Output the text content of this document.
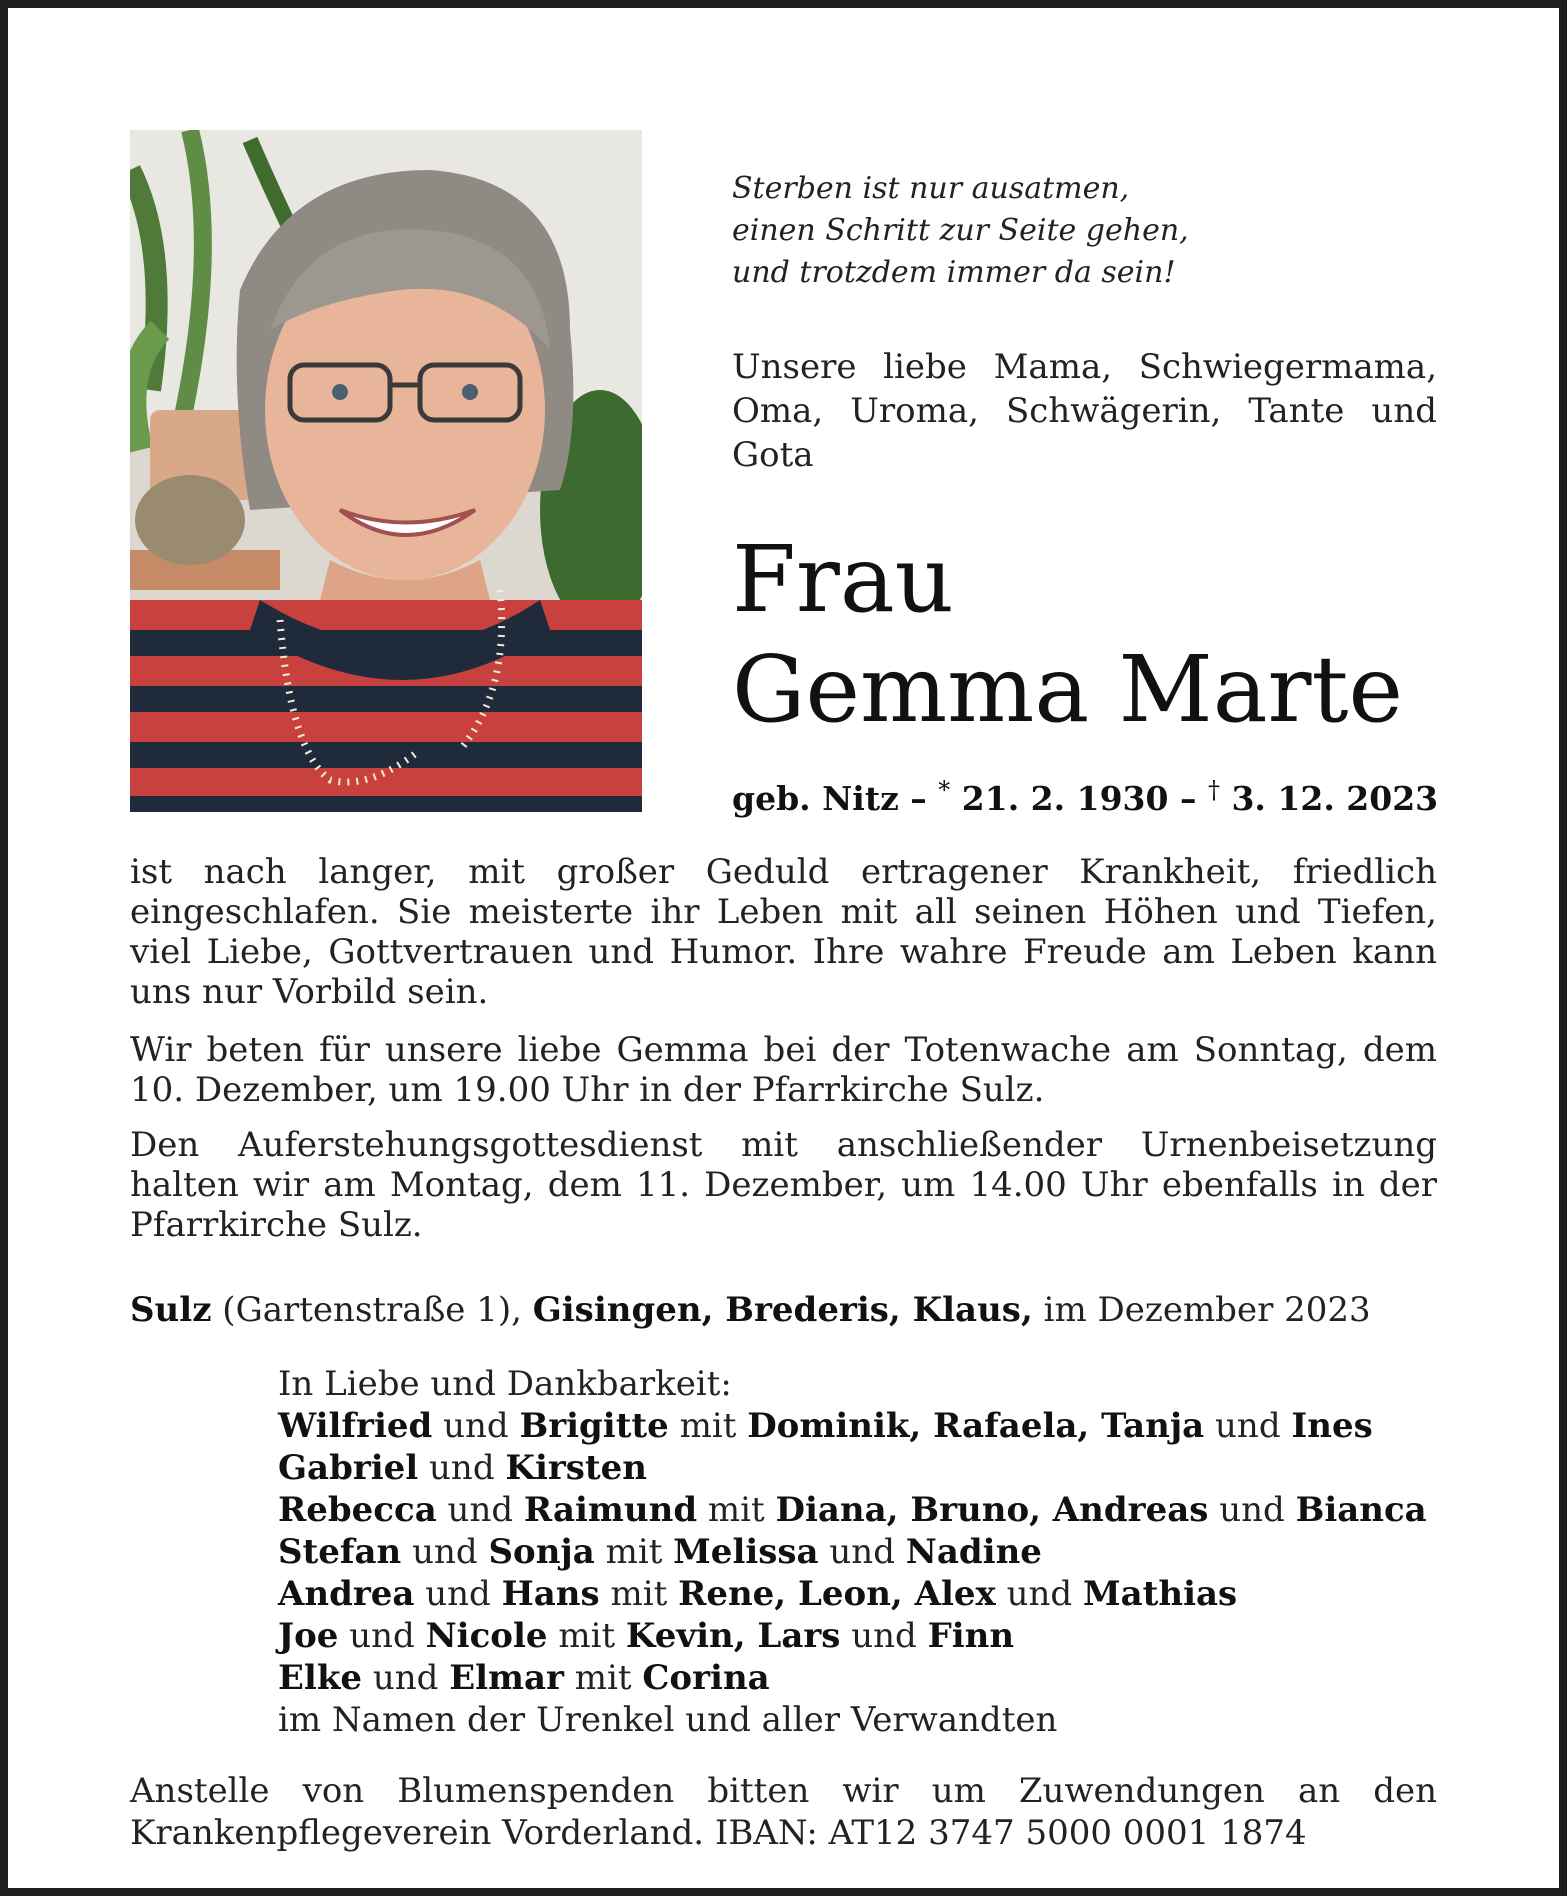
Sterben ist nur ausatmen,
einen Schritt zur Seite gehen,
und trotzdem immer da sein!
Unsere liebe Mama, Schwiegermama,
Oma, Uroma, Schwägerin, Tante und
Gota
Frau
Gemma Marte
geb. Nitz – * 21. 2. 1930 – † 3. 12. 2023
ist nach langer, mit großer Geduld ertragener Krankheit, friedlich eingeschlafen. Sie meisterte ihr Leben mit all seinen Höhen und Tiefen, viel Liebe, Gottvertrauen und Humor. Ihre wahre Freude am Leben kann uns nur Vorbild sein.
Wir beten für unsere liebe Gemma bei der Totenwache am Sonntag, dem 10. Dezember, um 19.00 Uhr in der Pfarrkirche Sulz.
Den Auferstehungsgottesdienst mit anschließender Urnenbeisetzung halten wir am Montag, dem 11. Dezember, um 14.00 Uhr ebenfalls in der Pfarrkirche Sulz.
Sulz (Gartenstraße 1), Gisingen, Brederis, Klaus, im Dezember 2023
In Liebe und Dankbarkeit:
Wilfried und Brigitte mit Dominik, Rafaela, Tanja und Ines
Gabriel und Kirsten
Rebecca und Raimund mit Diana, Bruno, Andreas und Bianca
Stefan und Sonja mit Melissa und Nadine
Andrea und Hans mit Rene, Leon, Alex und Mathias
Joe und Nicole mit Kevin, Lars und Finn
Elke und Elmar mit Corina
im Namen der Urenkel und aller Verwandten
Anstelle von Blumenspenden bitten wir um Zuwendungen an den Krankenpflegeverein Vorderland. IBAN: AT12 3747 5000 0001 1874
